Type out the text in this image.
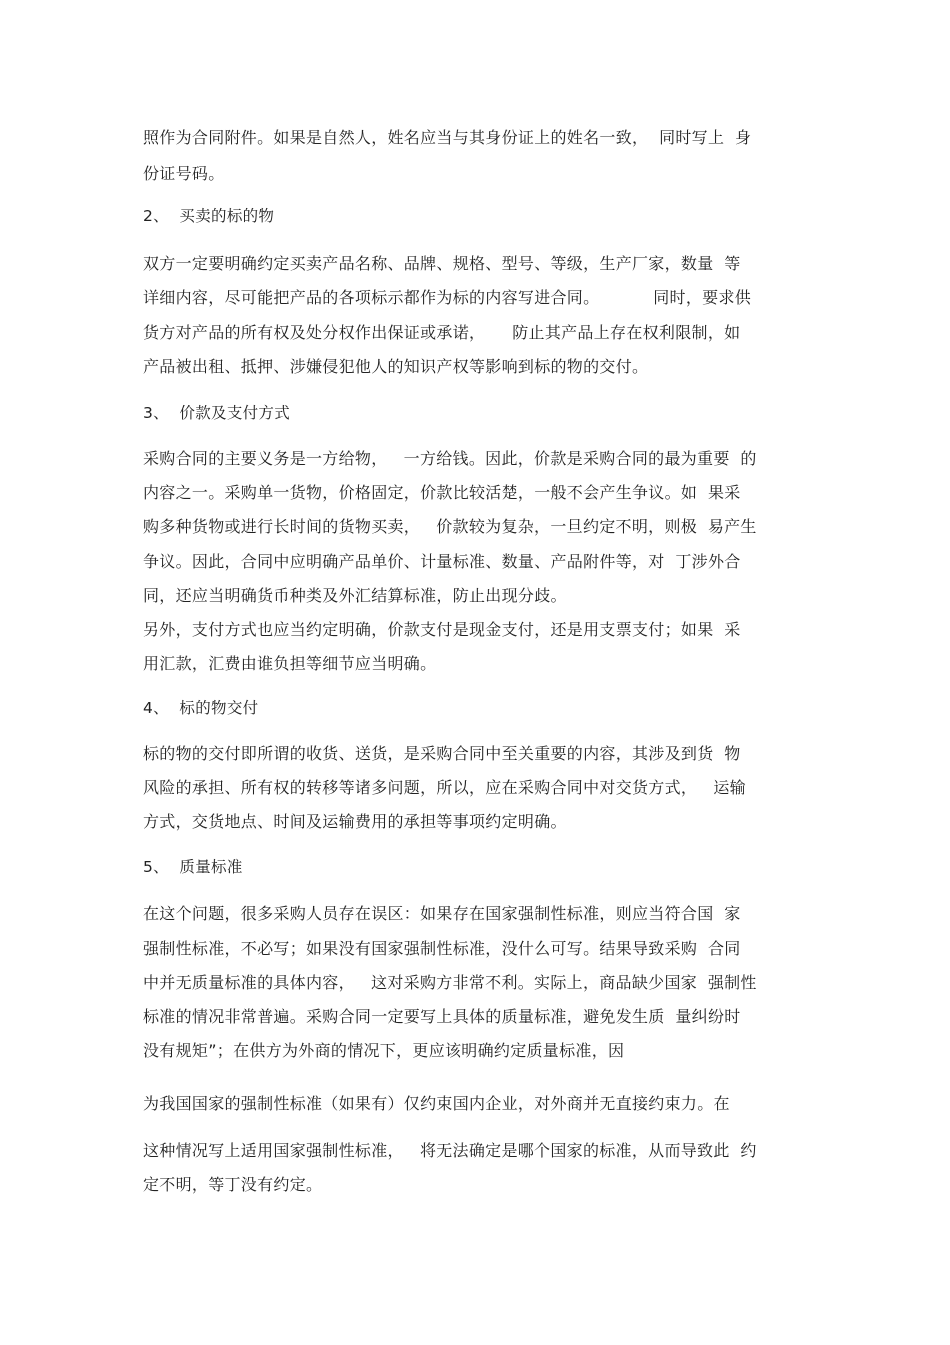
照作为合同附件。如果是自然人，姓名应当与其身份证上的姓名一致，  同时写上  身
份证号码。
2、  买卖的标的物
双方一定要明确约定买卖产品名称、品牌、规格、型号、等级，生产厂家，数量  等
详细内容，尽可能把产品的各项标示都作为标的内容写进合同。          同时，要求供
货方对产品的所有权及处分权作出保证或承诺，     防止其产品上存在权利限制，如
产品被出租、抵押、涉嫌侵犯他人的知识产权等影响到标的物的交付。
3、  价款及支付方式
采购合同的主要义务是一方给物，   一方给钱。因此，价款是采购合同的最为重要  的
内容之一。采购单一货物，价格固定，价款比较活楚，一般不会产生争议。如  果采
购多种货物或进行长时间的货物买卖，   价款较为复杂，一旦约定不明，则极  易产生
争议。因此，合同中应明确产品单价、计量标准、数量、产品附件等，对  丁涉外合
同，还应当明确货币种类及外汇结算标准，防止出现分歧。
另外，支付方式也应当约定明确，价款支付是现金支付，还是用支票支付；如果  采
用汇款，汇费由谁负担等细节应当明确。
4、  标的物交付
标的物的交付即所谓的收货、送货，是采购合同中至关重要的内容，其涉及到货  物
风险的承担、所有权的转移等诸多问题，所以，应在采购合同中对交货方式，   运输
方式，交货地点、时间及运输费用的承担等事项约定明确。
5、  质量标准
在这个问题，很多采购人员存在误区：如果存在国家强制性标准，则应当符合国  家
强制性标准，不必写；如果没有国家强制性标准，没什么可写。结果导致采购  合同
中并无质量标准的具体内容，   这对采购方非常不利。实际上，商品缺少国家  强制性
标准的情况非常普遍。采购合同一定要写上具体的质量标准，避免发生质  量纠纷时
没有规矩”；在供方为外商的情况下，更应该明确约定质量标准，因
为我国国家的强制性标准（如果有）仅约束国内企业，对外商并无直接约束力。在
这种情况写上适用国家强制性标准，   将无法确定是哪个国家的标准，从而导致此  约
定不明，等丁没有约定。
